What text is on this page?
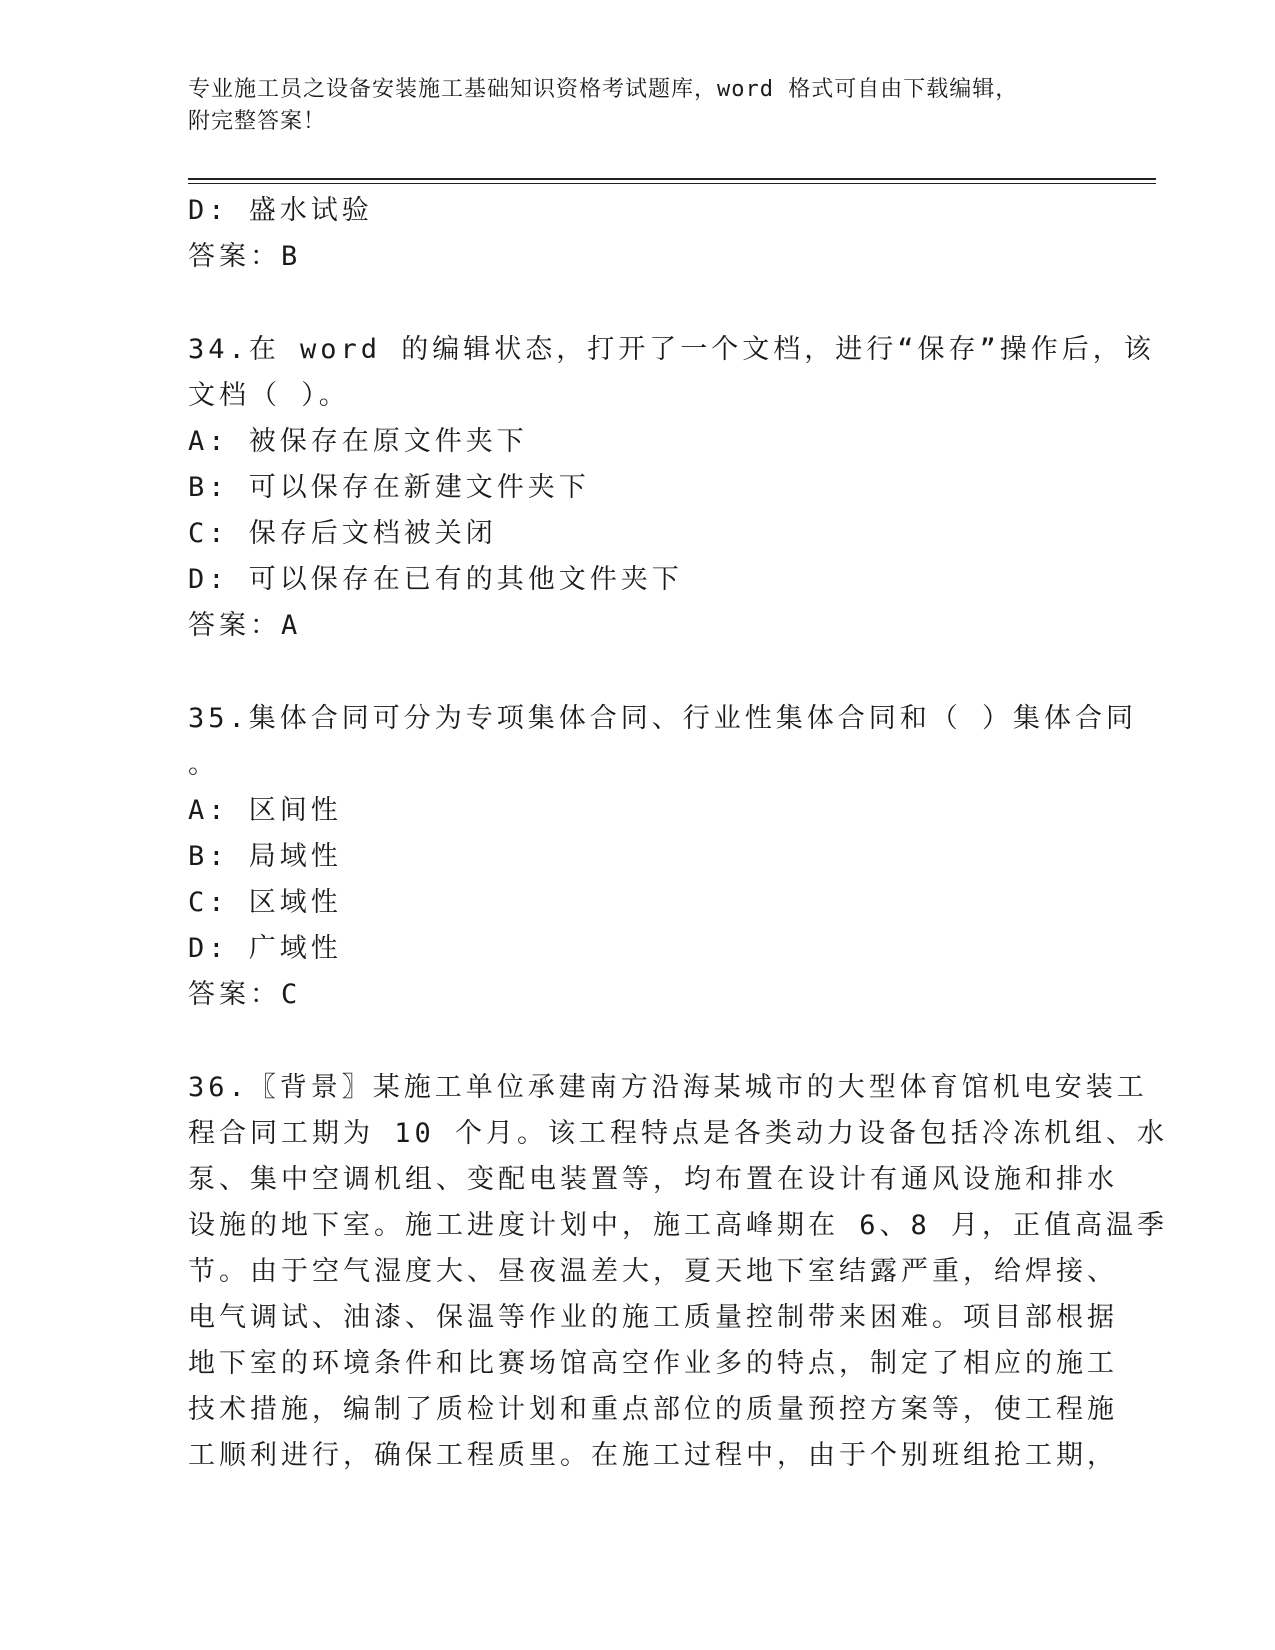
专业施工员之设备安装施工基础知识资格考试题库，word 格式可自由下载编辑，
附完整答案！
D: 盛水试验
答案：B
34.在 word 的编辑状态，打开了一个文档，进行“保存”操作后，该
文档（ ）。
A: 被保存在原文件夹下
B: 可以保存在新建文件夹下
C: 保存后文档被关闭
D: 可以保存在已有的其他文件夹下
答案：A
35.集体合同可分为专项集体合同、行业性集体合同和（ ）集体合同
。
A: 区间性
B: 局域性
C: 区域性
D: 广域性
答案：C
36.〖背景〗某施工单位承建南方沿海某城市的大型体育馆机电安装工
程合同工期为 10 个月。该工程特点是各类动力设备包括冷冻机组、水
泵、集中空调机组、变配电装置等，均布置在设计有通风设施和排水
设施的地下室。施工进度计划中，施工高峰期在 6、8 月，正值高温季
节。由于空气湿度大、昼夜温差大，夏天地下室结露严重，给焊接、
电气调试、油漆、保温等作业的施工质量控制带来困难。项目部根据
地下室的环境条件和比赛场馆高空作业多的特点，制定了相应的施工
技术措施，编制了质检计划和重点部位的质量预控方案等，使工程施
工顺利进行，确保工程质里。在施工过程中，由于个别班组抢工期，
